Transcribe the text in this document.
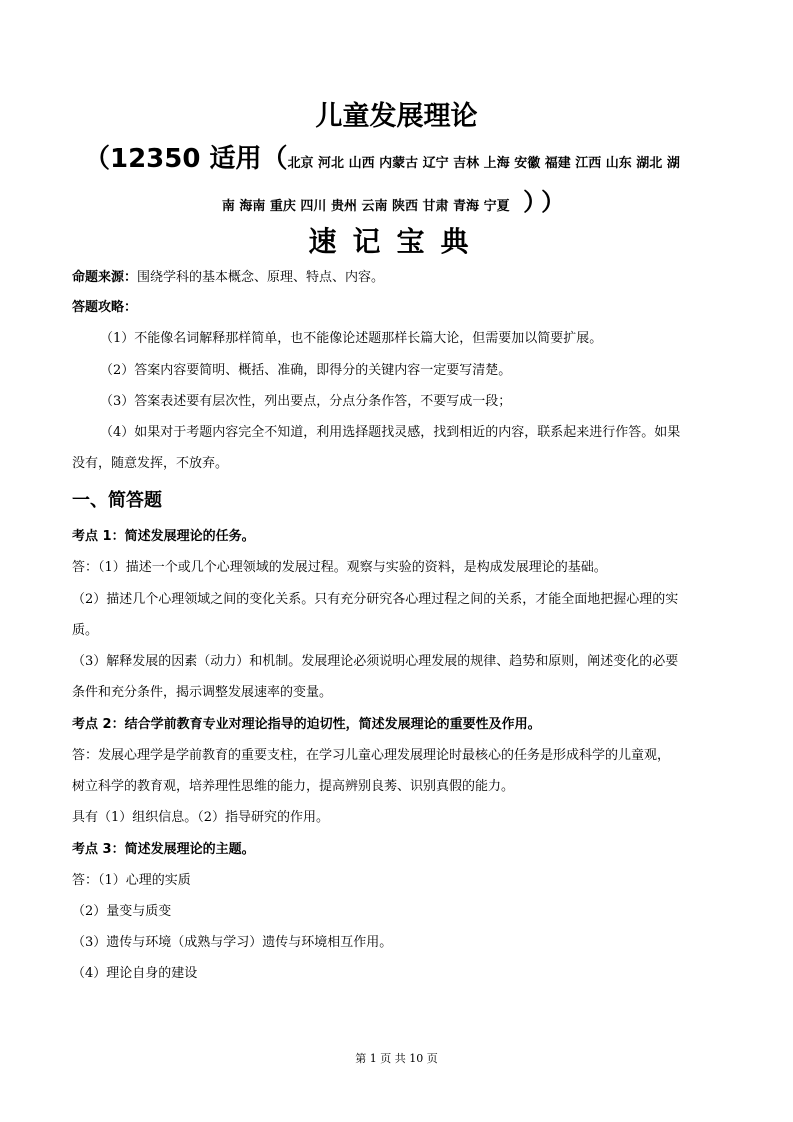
儿童发展理论
（12350 适用（北京 河北 山西 内蒙古 辽宁 吉林 上海 安徽 福建 江西 山东 湖北 湖
南 海南 重庆 四川 贵州 云南 陕西 甘肃 青海 宁夏 ））
速记宝典
命题来源：围绕学科的基本概念、原理、特点、内容。
答题攻略：
（1）不能像名词解释那样简单，也不能像论述题那样长篇大论，但需要加以简要扩展。
（2）答案内容要简明、概括、准确，即得分的关键内容一定要写清楚。
（3）答案表述要有层次性，列出要点，分点分条作答，不要写成一段；
（4）如果对于考题内容完全不知道，利用选择题找灵感，找到相近的内容，联系起来进行作答。如果
没有，随意发挥，不放弃。
一、简答题
考点 1：简述发展理论的任务。
答：（1）描述一个或几个心理领域的发展过程。观察与实验的资料，是构成发展理论的基础。
（2）描述几个心理领域之间的变化关系。只有充分研究各心理过程之间的关系，才能全面地把握心理的实
质。
（3）解释发展的因素（动力）和机制。发展理论必须说明心理发展的规律、趋势和原则，阐述变化的必要
条件和充分条件，揭示调整发展速率的变量。
考点 2：结合学前教育专业对理论指导的迫切性，简述发展理论的重要性及作用。
答：发展心理学是学前教育的重要支柱，在学习儿童心理发展理论时最核心的任务是形成科学的儿童观，
树立科学的教育观，培养理性思维的能力，提高辨别良莠、识别真假的能力。
具有（1）组织信息。（2）指导研究的作用。
考点 3：简述发展理论的主题。
答：（1）心理的实质
（2）量变与质变
（3）遗传与环境（成熟与学习）遗传与环境相互作用。
（4）理论自身的建设
第 1 页 共 10 页
